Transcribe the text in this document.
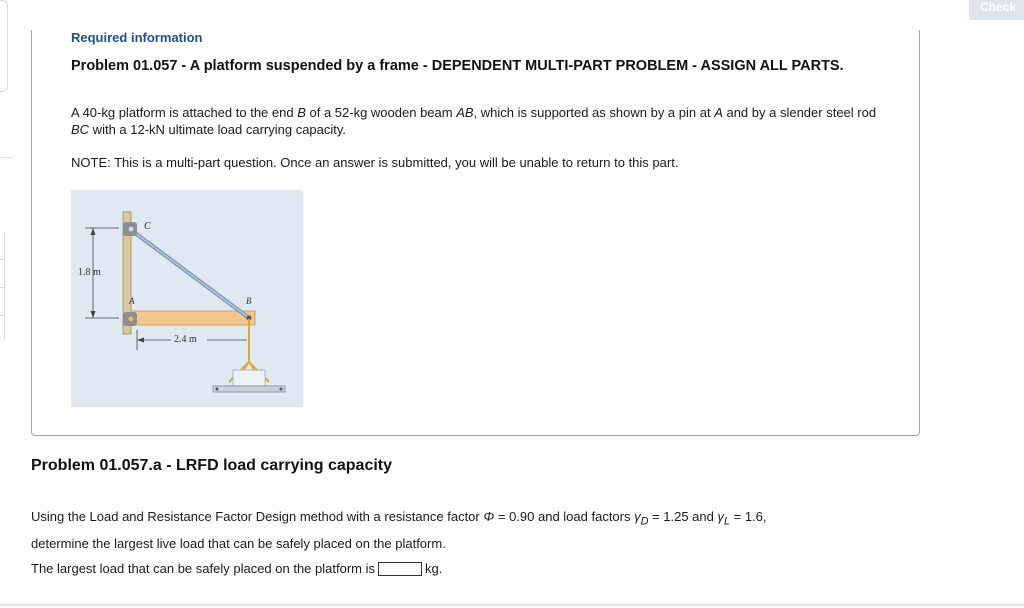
Check
Required information
Problem 01.057 - A platform suspended by a frame - DEPENDENT MULTI-PART PROBLEM - ASSIGN ALL PARTS.
A 40-kg platform is attached to the end B of a 52-kg wooden beam AB, which is supported as shown by a pin at A and by a slender steel rod BC with a 12-kN ultimate load carrying capacity.
NOTE: This is a multi-part question. Once an answer is submitted, you will be unable to return to this part.
C
A	B
1.8 m
2.4 m
Problem 01.057.a - LRFD load carrying capacity
Using the Load and Resistance Factor Design method with a resistance factor Φ = 0.90 and load factors $\gamma_D = 1.25$ and $\gamma_L = 1.6$,
determine the largest live load that can be safely placed on the platform.
The largest load that can be safely placed on the platform is	kg.
